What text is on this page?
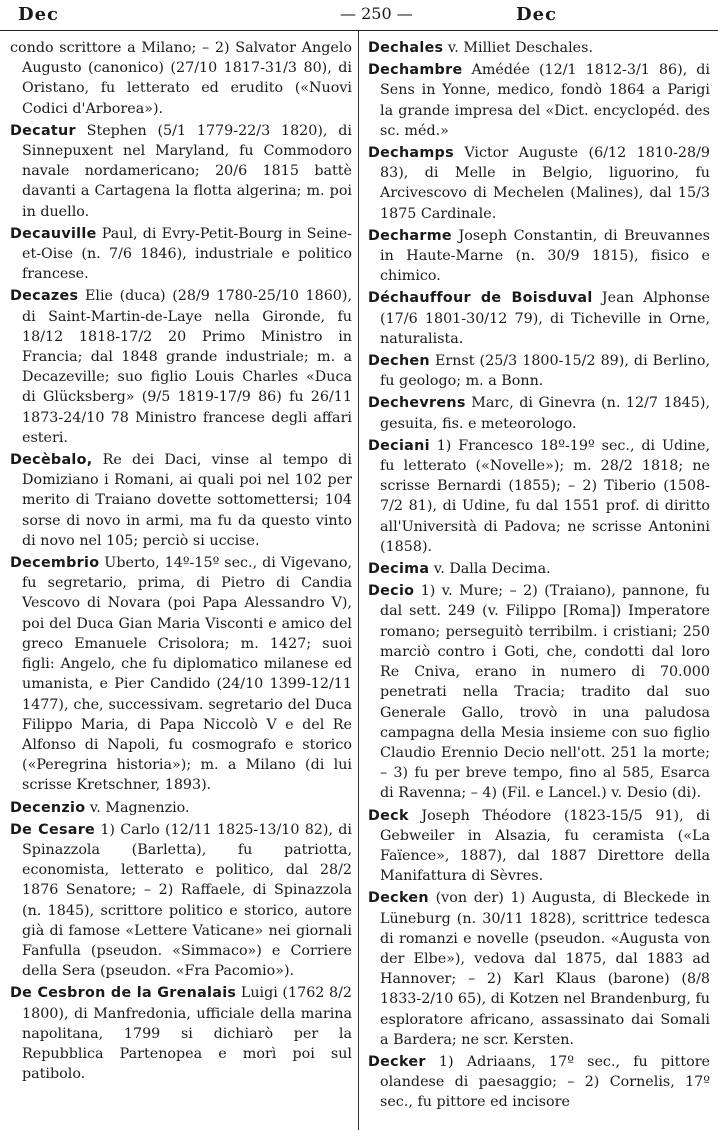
Dec	— 250 —	Dec

condo scrittore a Milano; – 2) Salvator Angelo Augusto (canonico) (27/10 1817-31/3 80), di Oristano, fu letterato ed erudito («Nuovi Codici d'Arborea»).

Decatur Stephen (5/1 1779-22/3 1820), di Sinnepuxent nel Maryland, fu Commodoro navale nordamericano; 20/6 1815 battè davanti a Cartagena la flotta algerina; m. poi in duello.

Decauville Paul, di Evry-Petit-Bourg in Seine-et-Oise (n. 7/6 1846), industriale e politico francese.

Decazes Elie (duca) (28/9 1780-25/10 1860), di Saint-Martin-de-Laye nella Gironde, fu 18/12 1818-17/2 20 Primo Ministro in Francia; dal 1848 grande industriale; m. a Decazeville; suo figlio Louis Charles «Duca di Glücksberg» (9/5 1819-17/9 86) fu 26/11 1873-24/10 78 Ministro francese degli affari esteri.

Decèbalo, Re dei Daci, vinse al tempo di Domiziano i Romani, ai quali poi nel 102 per merito di Traiano dovette sottomettersi; 104 sorse di novo in armi, ma fu da questo vinto di novo nel 105; perciò si uccise.

Decembrio Uberto, 14º-15º sec., di Vigevano, fu segretario, prima, di Pietro di Candia Vescovo di Novara (poi Papa Alessandro V), poi del Duca Gian Maria Visconti e amico del greco Emanuele Crisolora; m. 1427; suoi figli: Angelo, che fu diplomatico milanese ed umanista, e Pier Candido (24/10 1399-12/11 1477), che, successivam. segretario del Duca Filippo Maria, di Papa Niccolò V e del Re Alfonso di Napoli, fu cosmografo e storico («Peregrina historia»); m. a Milano (di lui scrisse Kretschner, 1893).

Decenzio v. Magnenzio.

De Cesare 1) Carlo (12/11 1825-13/10 82), di Spinazzola (Barletta), fu patriotta, economista, letterato e politico, dal 28/2 1876 Senatore; – 2) Raffaele, di Spinazzola (n. 1845), scrittore politico e storico, autore già di famose «Lettere Vaticane» nei giornali Fanfulla (pseudon. «Simmaco») e Corriere della Sera (pseudon. «Fra Pacomio»).

De Cesbron de la Grenalais Luigi (1762 8/2 1800), di Manfredonia, ufficiale della marina napolitana, 1799 si dichiarò per la Repubblica Partenopea e morì poi sul patibolo.

Dechales v. Milliet Deschales.

Dechambre Amédée (12/1 1812-3/1 86), di Sens in Yonne, medico, fondò 1864 a Parigi la grande impresa del «Dict. encyclopéd. des sc. méd.»

Dechamps Victor Auguste (6/12 1810-28/9 83), di Melle in Belgio, liguorino, fu Arcivescovo di Mechelen (Malines), dal 15/3 1875 Cardinale.

Decharme Joseph Constantin, di Breuvannes in Haute-Marne (n. 30/9 1815), fisico e chimico.

Déchauffour de Boisduval Jean Alphonse (17/6 1801-30/12 79), di Ticheville in Orne, naturalista.

Dechen Ernst (25/3 1800-15/2 89), di Berlino, fu geologo; m. a Bonn.

Dechevrens Marc, di Ginevra (n. 12/7 1845), gesuita, fis. e meteorologo.

Deciani 1) Francesco 18º-19º sec., di Udine, fu letterato («Novelle»); m. 28/2 1818; ne scrisse Bernardi (1855); – 2) Tiberio (1508-7/2 81), di Udine, fu dal 1551 prof. di diritto all'Università di Padova; ne scrisse Antonini (1858).

Decima v. Dalla Decima.

Decio 1) v. Mure; – 2) (Traiano), pannone, fu dal sett. 249 (v. Filippo [Roma]) Imperatore romano; perseguitò terribilm. i cristiani; 250 marciò contro i Goti, che, condotti dal loro Re Cniva, erano in numero di 70.000 penetrati nella Tracia; tradito dal suo Generale Gallo, trovò in una paludosa campagna della Mesia insieme con suo figlio Claudio Erennio Decio nell'ott. 251 la morte; – 3) fu per breve tempo, fino al 585, Esarca di Ravenna; – 4) (Fil. e Lancel.) v. Desio (di).

Deck Joseph Théodore (1823-15/5 91), di Gebweiler in Alsazia, fu ceramista («La Faïence», 1887), dal 1887 Direttore della Manifattura di Sèvres.

Decken (von der) 1) Augusta, di Bleckede in Lüneburg (n. 30/11 1828), scrittrice tedesca di romanzi e novelle (pseudon. «Augusta von der Elbe»), vedova dal 1875, dal 1883 ad Hannover; – 2) Karl Klaus (barone) (8/8 1833-2/10 65), di Kotzen nel Brandenburg, fu esploratore africano, assassinato dai Somali a Bardera; ne scr. Kersten.

Decker 1) Adriaans, 17º sec., fu pittore olandese di paesaggio; – 2) Cornelis, 17º sec., fu pittore ed incisore
